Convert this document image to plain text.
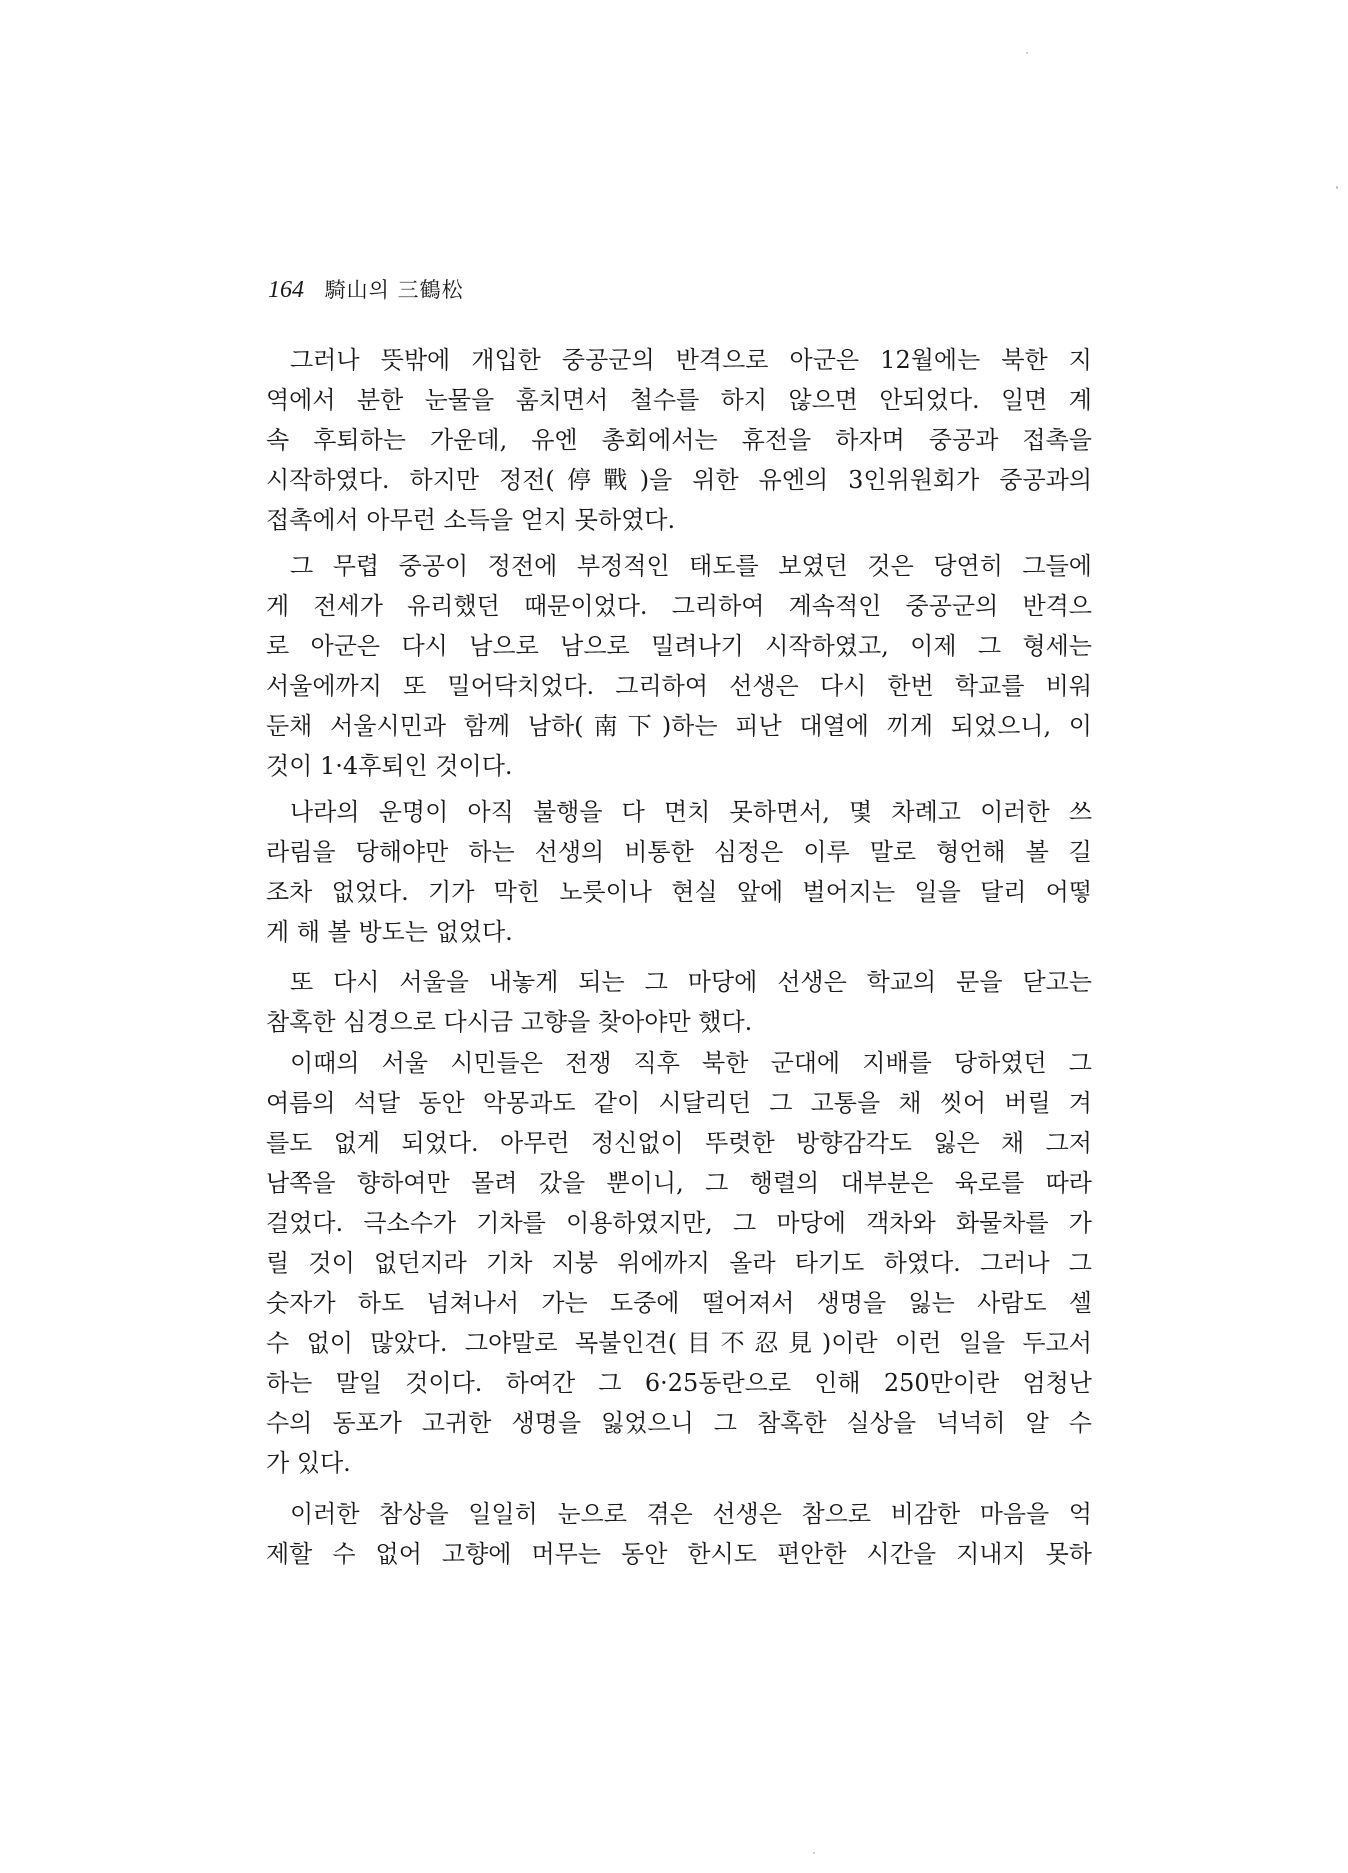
164 騎山의 三鶴松
그러나 뜻밖에 개입한 중공군의 반격으로 아군은 12월에는 북한 지
역에서 분한 눈물을 훔치면서 철수를 하지 않으면 안되었다. 일면 계
속 후퇴하는 가운데, 유엔 총회에서는 휴전을 하자며 중공과 접촉을
시작하였다. 하지만 정전(停戰)을 위한 유엔의 3인위원회가 중공과의
접촉에서 아무런 소득을 얻지 못하였다.
그 무렵 중공이 정전에 부정적인 태도를 보였던 것은 당연히 그들에
게 전세가 유리했던 때문이었다. 그리하여 계속적인 중공군의 반격으
로 아군은 다시 남으로 남으로 밀려나기 시작하였고, 이제 그 형세는
서울에까지 또 밀어닥치었다. 그리하여 선생은 다시 한번 학교를 비워
둔채 서울시민과 함께 남하(南下)하는 피난 대열에 끼게 되었으니, 이
것이 1·4후퇴인 것이다.
나라의 운명이 아직 불행을 다 면치 못하면서, 몇 차례고 이러한 쓰
라림을 당해야만 하는 선생의 비통한 심정은 이루 말로 형언해 볼 길
조차 없었다. 기가 막힌 노릇이나 현실 앞에 벌어지는 일을 달리 어떻
게 해 볼 방도는 없었다.
또 다시 서울을 내놓게 되는 그 마당에 선생은 학교의 문을 닫고는
참혹한 심경으로 다시금 고향을 찾아야만 했다.
이때의 서울 시민들은 전쟁 직후 북한 군대에 지배를 당하였던 그
여름의 석달 동안 악몽과도 같이 시달리던 그 고통을 채 씻어 버릴 겨
를도 없게 되었다. 아무런 정신없이 뚜렷한 방향감각도 잃은 채 그저
남쪽을 향하여만 몰려 갔을 뿐이니, 그 행렬의 대부분은 육로를 따라
걸었다. 극소수가 기차를 이용하였지만, 그 마당에 객차와 화물차를 가
릴 것이 없던지라 기차 지붕 위에까지 올라 타기도 하였다. 그러나 그
숫자가 하도 넘쳐나서 가는 도중에 떨어져서 생명을 잃는 사람도 셀
수 없이 많았다. 그야말로 목불인견(目不忍見)이란 이런 일을 두고서
하는 말일 것이다. 하여간 그 6·25동란으로 인해 250만이란 엄청난
수의 동포가 고귀한 생명을 잃었으니 그 참혹한 실상을 넉넉히 알 수
가 있다.
이러한 참상을 일일히 눈으로 겪은 선생은 참으로 비감한 마음을 억
제할 수 없어 고향에 머무는 동안 한시도 편안한 시간을 지내지 못하
